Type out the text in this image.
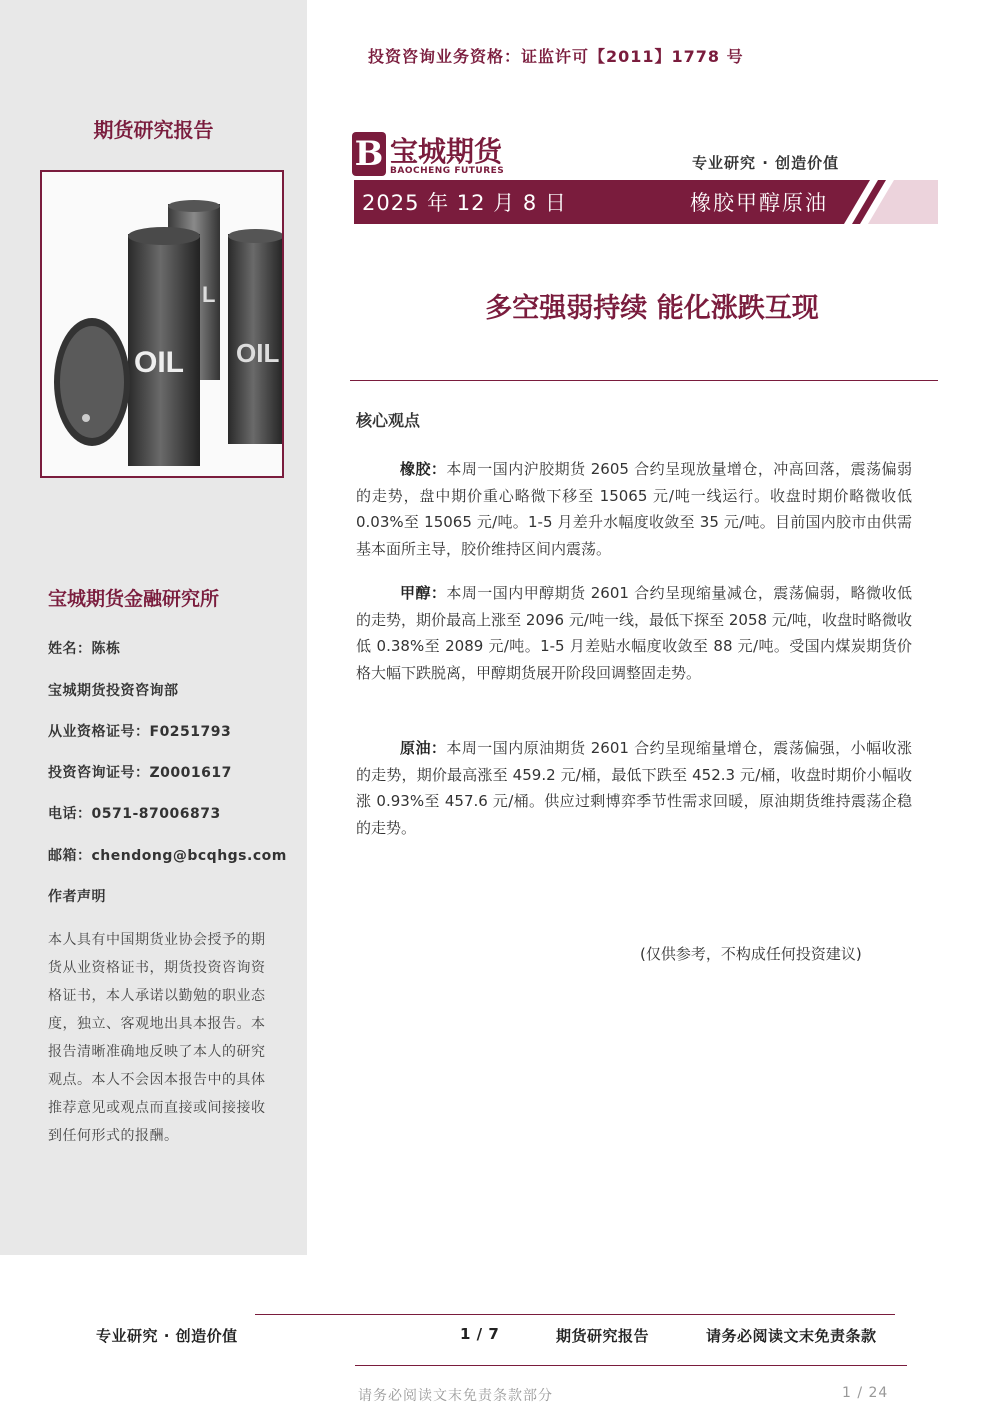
投资咨询业务资格：证监许可【2011】1778 号
期货研究报告
L
OIL
OIL
宝城期货金融研究所
姓名：陈栋
宝城期货投资咨询部
从业资格证号：F0251793
投资咨询证号：Z0001617
电话：0571-87006873
邮箱：chendong@bcqhgs.com
作者声明
本人具有中国期货业协会授予的期货从业资格证书，期货投资咨询资格证书，本人承诺以勤勉的职业态度，独立、客观地出具本报告。本报告清晰准确地反映了本人的研究观点。本人不会因本报告中的具体推荐意见或观点而直接或间接接收到任何形式的报酬。
B 宝城期货
BAOCHENG FUTURES	专业研究 · 创造价值
2025 年 12 月 8 日	橡胶甲醇原油
多空强弱持续 能化涨跌互现
核心观点
橡胶：本周一国内沪胶期货 2605 合约呈现放量增仓，冲高回落，震荡偏弱的走势，盘中期价重心略微下移至 15065 元/吨一线运行。收盘时期价略微收低 0.03%至 15065 元/吨。1-5 月差升水幅度收敛至 35 元/吨。目前国内胶市由供需基本面所主导，胶价维持区间内震荡。
甲醇：本周一国内甲醇期货 2601 合约呈现缩量减仓，震荡偏弱，略微收低的走势，期价最高上涨至 2096 元/吨一线，最低下探至 2058 元/吨，收盘时略微收低 0.38%至 2089 元/吨。1-5 月差贴水幅度收敛至 88 元/吨。受国内煤炭期货价格大幅下跌脱离，甲醇期货展开阶段回调整固走势。
原油：本周一国内原油期货 2601 合约呈现缩量增仓，震荡偏强，小幅收涨的走势，期价最高涨至 459.2 元/桶，最低下跌至 452.3 元/桶，收盘时期价小幅收涨 0.93%至 457.6 元/桶。供应过剩博弈季节性需求回暖，原油期货维持震荡企稳的走势。
(仅供参考，不构成任何投资建议)
专业研究 · 创造价值	1 / 7	期货研究报告	请务必阅读文末免责条款
请务必阅读文末免责条款部分	1 / 24
